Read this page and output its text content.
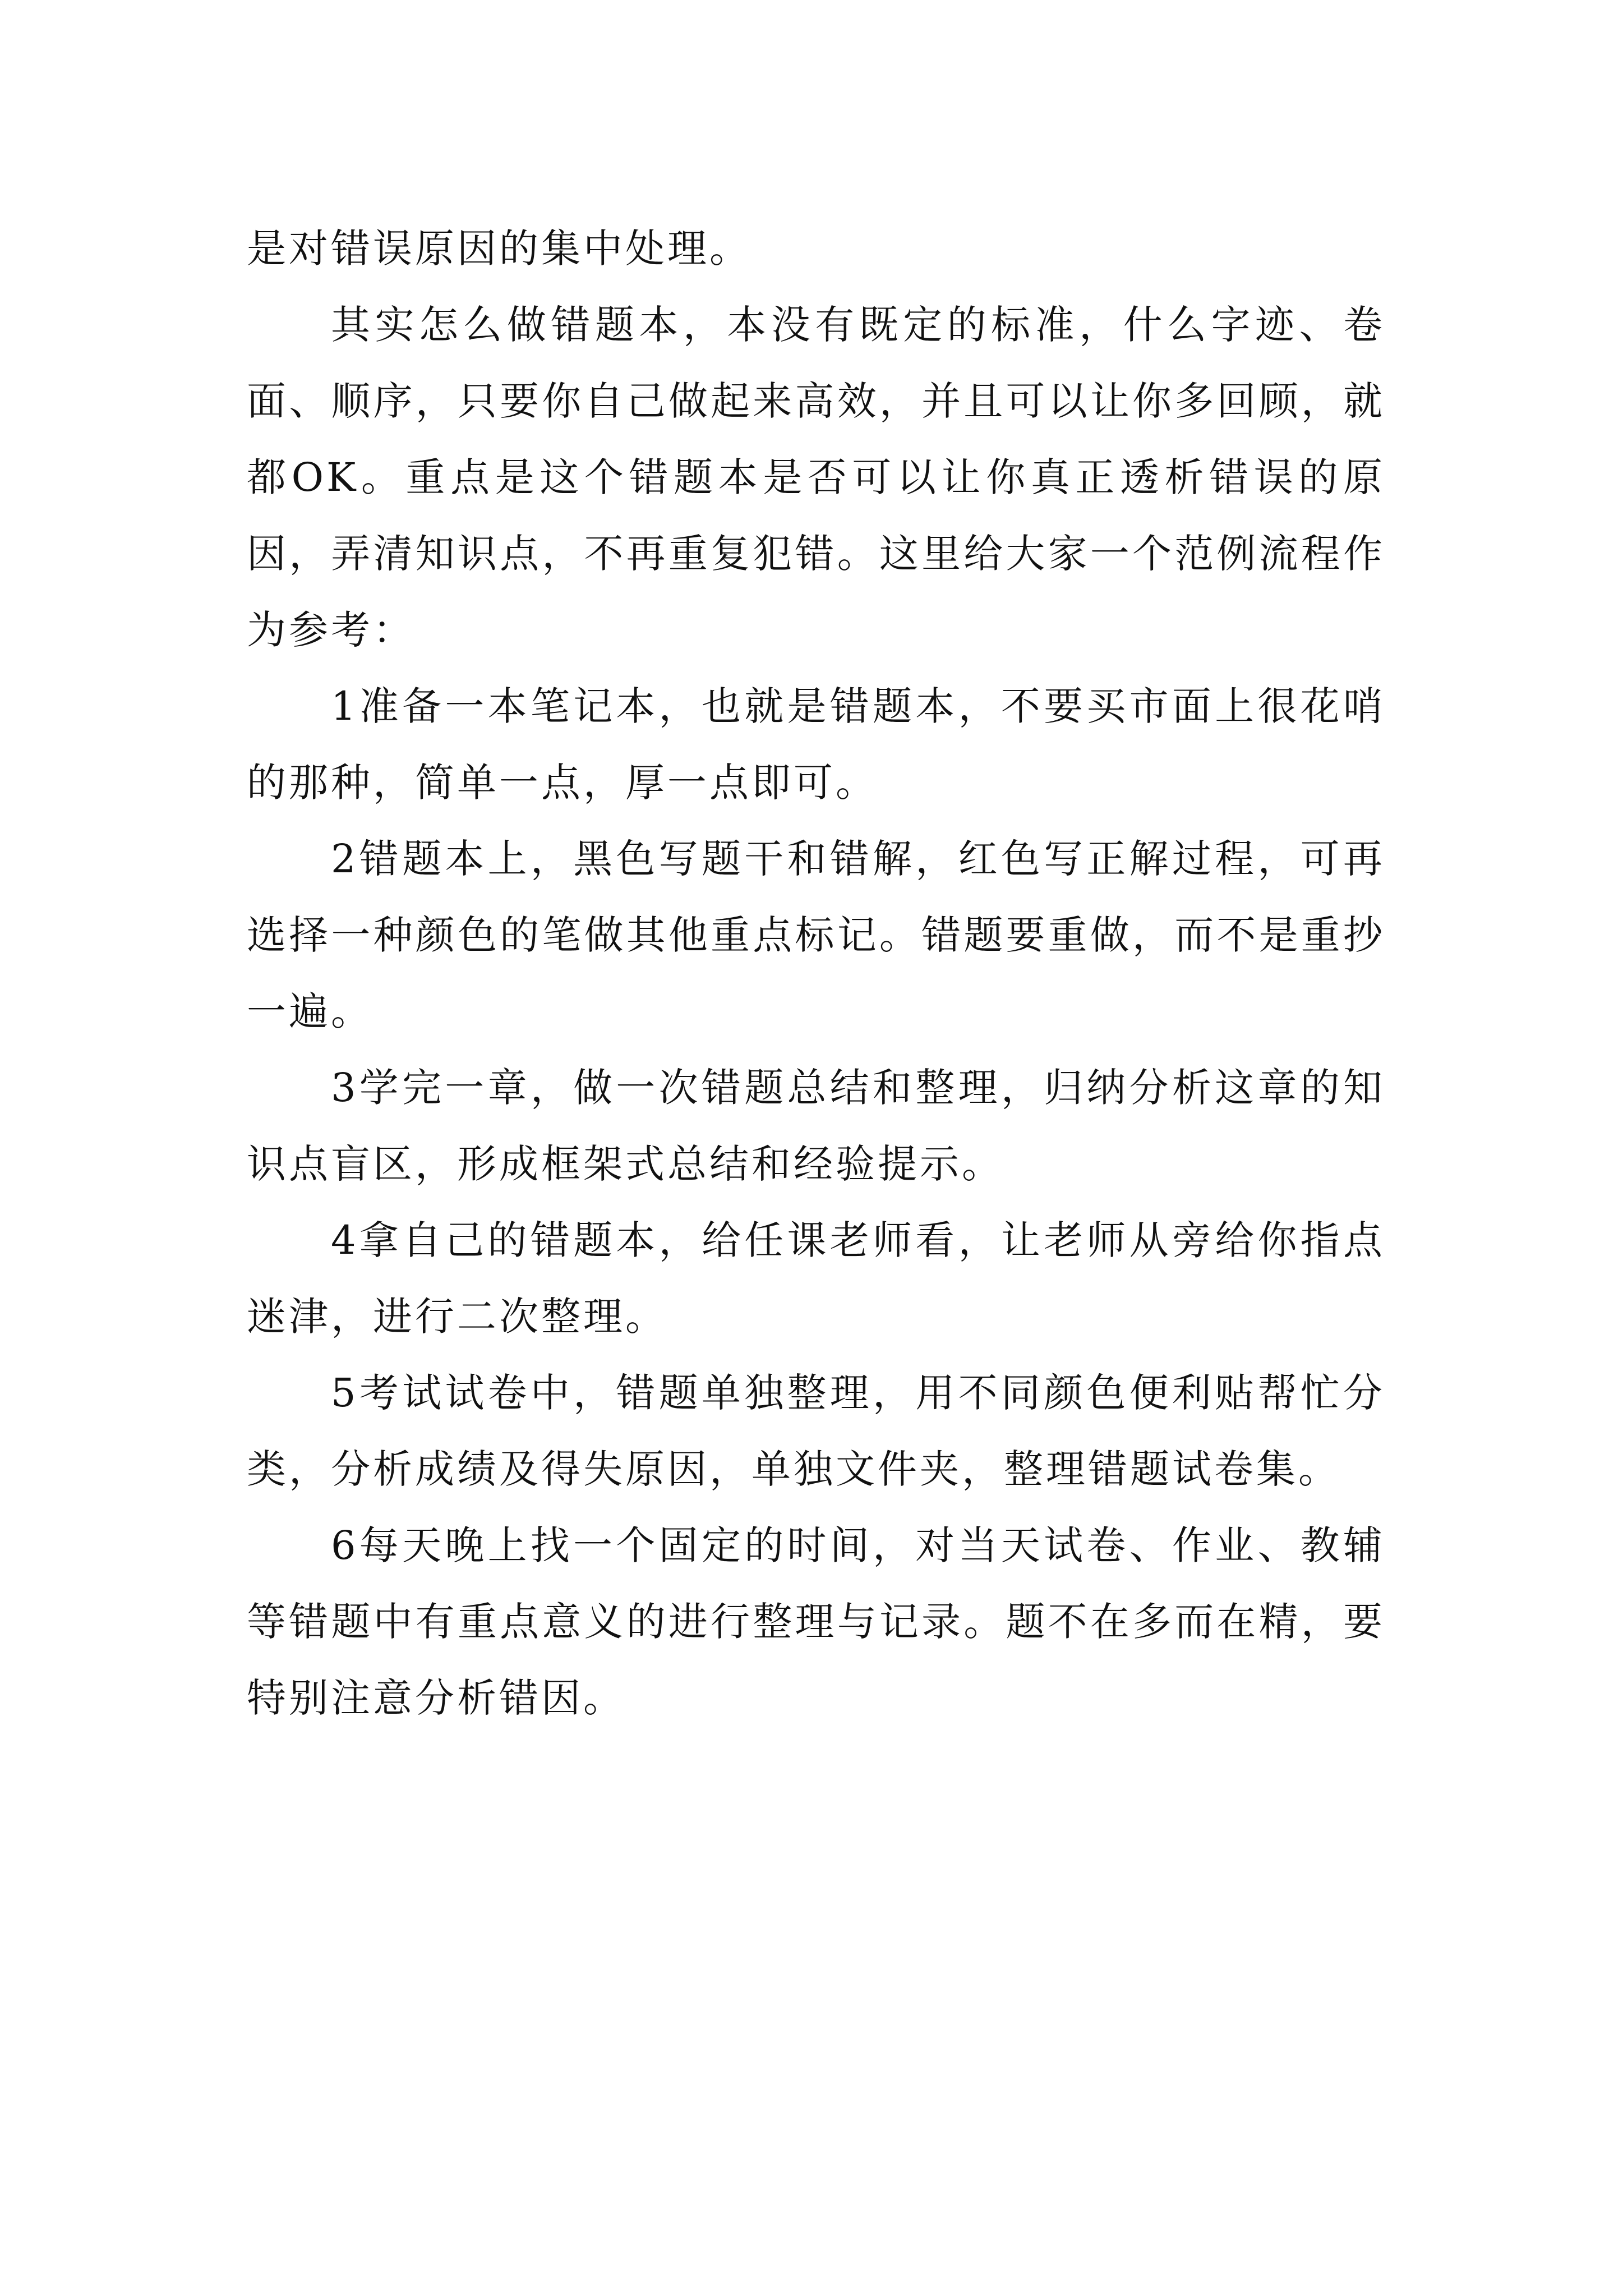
是对错误原因的集中处理。

其实怎么做错题本，本没有既定的标准，什么字迹、卷面、顺序，只要你自己做起来高效，并且可以让你多回顾，就都OK。重点是这个错题本是否可以让你真正透析错误的原因，弄清知识点，不再重复犯错。这里给大家一个范例流程作为参考：

1准备一本笔记本，也就是错题本，不要买市面上很花哨的那种，简单一点，厚一点即可。

2错题本上，黑色写题干和错解，红色写正解过程，可再选择一种颜色的笔做其他重点标记。错题要重做，而不是重抄一遍。

3学完一章，做一次错题总结和整理，归纳分析这章的知识点盲区，形成框架式总结和经验提示。

4拿自己的错题本，给任课老师看，让老师从旁给你指点迷津，进行二次整理。

5考试试卷中，错题单独整理，用不同颜色便利贴帮忙分类，分析成绩及得失原因，单独文件夹，整理错题试卷集。

6每天晚上找一个固定的时间，对当天试卷、作业、教辅等错题中有重点意义的进行整理与记录。题不在多而在精，要特别注意分析错因。
